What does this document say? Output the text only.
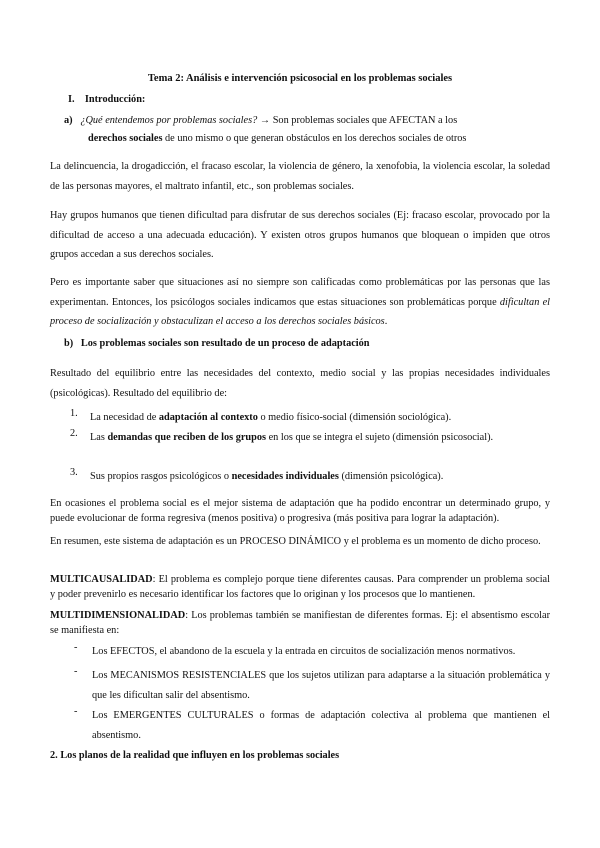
Tema 2: Análisis e intervención psicosocial en los problemas sociales
I. Introducción:
a) ¿Qué entendemos por problemas sociales? → Son problemas sociales que AFECTAN a los
derechos sociales de uno mismo o que generan obstáculos en los derechos sociales de otros
La delincuencia, la drogadicción, el fracaso escolar, la violencia de género, la xenofobia, la violencia escolar, la soledad de las personas mayores, el maltrato infantil, etc., son problemas sociales.
Hay grupos humanos que tienen dificultad para disfrutar de sus derechos sociales (Ej: fracaso escolar, provocado por la dificultad de acceso a una adecuada educación). Y existen otros grupos humanos que bloquean o impiden que otros grupos accedan a sus derechos sociales.
Pero es importante saber que situaciones así no siempre son calificadas como problemáticas por las personas que las experimentan. Entonces, los psicólogos sociales indicamos que estas situaciones son problemáticas porque dificultan el proceso de socialización y obstaculizan el acceso a los derechos sociales básicos.
b) Los problemas sociales son resultado de un proceso de adaptación
Resultado del equilibrio entre las necesidades del contexto, medio social y las propias necesidades individuales (psicológicas). Resultado del equilibrio de:
1. La necesidad de adaptación al contexto o medio físico-social (dimensión sociológica).
2. Las demandas que reciben de los grupos en los que se integra el sujeto (dimensión psicosocial).
3. Sus propios rasgos psicológicos o necesidades individuales (dimensión psicológica).
En ocasiones el problema social es el mejor sistema de adaptación que ha podido encontrar un determinado grupo, y puede evolucionar de forma regresiva (menos positiva) o progresiva (más positiva para lograr la adaptación).
En resumen, este sistema de adaptación es un PROCESO DINÁMICO y el problema es un momento de dicho proceso.
MULTICAUSALIDAD: El problema es complejo porque tiene diferentes causas. Para comprender un problema social y poder prevenirlo es necesario identificar los factores que lo originan y los procesos que lo mantienen.
MULTIDIMENSIONALIDAD: Los problemas también se manifiestan de diferentes formas. Ej: el absentismo escolar se manifiesta en:
- Los EFECTOS, el abandono de la escuela y la entrada en circuitos de socialización menos normativos.
- Los MECANISMOS RESISTENCIALES que los sujetos utilizan para adaptarse a la situación problemática y que les dificultan salir del absentismo.
- Los EMERGENTES CULTURALES o formas de adaptación colectiva al problema que mantienen el absentismo.
2. Los planos de la realidad que influyen en los problemas sociales
